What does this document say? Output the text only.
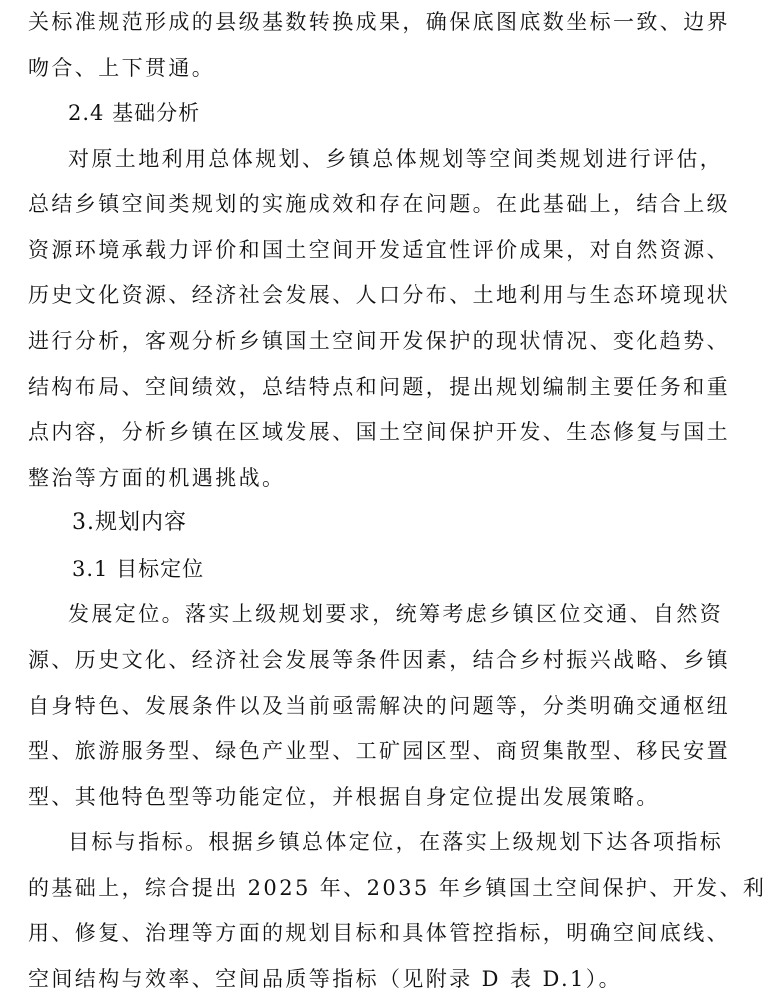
关标准规范形成的县级基数转换成果，确保底图底数坐标一致、边界
吻合、上下贯通。
2.4 基础分析
对原土地利用总体规划、乡镇总体规划等空间类规划进行评估，
总结乡镇空间类规划的实施成效和存在问题。在此基础上，结合上级
资源环境承载力评价和国土空间开发适宜性评价成果，对自然资源、
历史文化资源、经济社会发展、人口分布、土地利用与生态环境现状
进行分析，客观分析乡镇国土空间开发保护的现状情况、变化趋势、
结构布局、空间绩效，总结特点和问题，提出规划编制主要任务和重
点内容，分析乡镇在区域发展、国土空间保护开发、生态修复与国土
整治等方面的机遇挑战。
3.规划内容
3.1 目标定位
发展定位。落实上级规划要求，统筹考虑乡镇区位交通、自然资
源、历史文化、经济社会发展等条件因素，结合乡村振兴战略、乡镇
自身特色、发展条件以及当前亟需解决的问题等，分类明确交通枢纽
型、旅游服务型、绿色产业型、工矿园区型、商贸集散型、移民安置
型、其他特色型等功能定位，并根据自身定位提出发展策略。
目标与指标。根据乡镇总体定位，在落实上级规划下达各项指标
的基础上，综合提出 2025 年、2035 年乡镇国土空间保护、开发、利
用、修复、治理等方面的规划目标和具体管控指标，明确空间底线、
空间结构与效率、空间品质等指标（见附录 D 表 D.1）。
